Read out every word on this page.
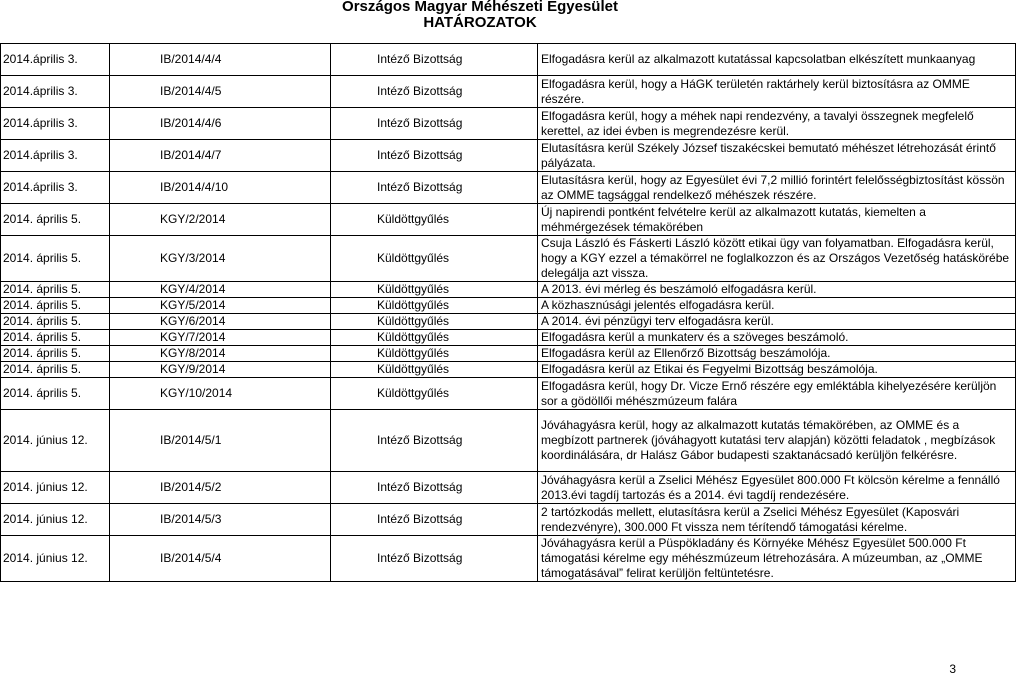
Országos Magyar Méhészeti Egyesület
HATÁROZATOK
2014.április 3.	IB/2014/4/4	Intéző Bizottság	Elfogadásra kerül az alkalmazott kutatással kapcsolatban elkészített munkaanyag
2014.április 3.	IB/2014/4/5	Intéző Bizottság	Elfogadásra kerül, hogy a HáGK területén raktárhely kerül biztosításra az OMME részére.
2014.április 3.	IB/2014/4/6	Intéző Bizottság	Elfogadásra kerül, hogy a méhek napi rendezvény, a tavalyi összegnek megfelelő kerettel, az idei évben is megrendezésre kerül.
2014.április 3.	IB/2014/4/7	Intéző Bizottság	Elutasításra kerül Székely József tiszakécskei bemutató méhészet létrehozását érintő pályázata.
2014.április 3.	IB/2014/4/10	Intéző Bizottság	Elutasításra kerül, hogy az Egyesület évi 7,2 millió forintért felelősségbiztosítást kössön az OMME tagsággal rendelkező méhészek részére.
2014. április 5.	KGY/2/2014	Küldöttgyűlés	Új napirendi pontként felvételre kerül az alkalmazott kutatás, kiemelten a méhmérgezések témakörében
2014. április 5.	KGY/3/2014	Küldöttgyűlés	Csuja László és Fáskerti László között etikai ügy van folyamatban. Elfogadásra kerül, hogy a KGY ezzel a témakörrel ne foglalkozzon és az Országos Vezetőség hatáskörébe delegálja azt vissza.
2014. április 5.	KGY/4/2014	Küldöttgyűlés	A 2013. évi mérleg és beszámoló elfogadásra kerül.
2014. április 5.	KGY/5/2014	Küldöttgyűlés	A közhasznúsági jelentés elfogadásra kerül.
2014. április 5.	KGY/6/2014	Küldöttgyűlés	A 2014. évi pénzügyi terv elfogadásra kerül.
2014. április 5.	KGY/7/2014	Küldöttgyűlés	Elfogadásra kerül a munkaterv és a szöveges beszámoló.
2014. április 5.	KGY/8/2014	Küldöttgyűlés	Elfogadásra kerül az Ellenőrző Bizottság beszámolója.
2014. április 5.	KGY/9/2014	Küldöttgyűlés	Elfogadásra kerül az Etikai és Fegyelmi Bizottság beszámolója.
2014. április 5.	KGY/10/2014	Küldöttgyűlés	Elfogadásra kerül, hogy Dr. Vicze Ernő részére egy emléktábla kihelyezésére kerüljön sor a gödöllői méhészmúzeum falára
2014. június 12.	IB/2014/5/1	Intéző Bizottság	Jóváhagyásra kerül, hogy az alkalmazott kutatás témakörében, az OMME és a megbízott partnerek (jóváhagyott kutatási terv alapján) közötti feladatok , megbízások koordinálására, dr Halász Gábor budapesti szaktanácsadó kerüljön felkérésre.
2014. június 12.	IB/2014/5/2	Intéző Bizottság	Jóváhagyásra kerül a Zselici Méhész Egyesület 800.000 Ft kölcsön kérelme a fennálló 2013.évi tagdíj tartozás és a 2014. évi tagdíj rendezésére.
2014. június 12.	IB/2014/5/3	Intéző Bizottság	2 tartózkodás mellett, elutasításra kerül a Zselici Méhész Egyesület (Kaposvári rendezvényre), 300.000 Ft vissza nem térítendő támogatási kérelme.
2014. június 12.	IB/2014/5/4	Intéző Bizottság	Jóváhagyásra kerül a Püspökladány és Környéke Méhész Egyesület 500.000 Ft támogatási kérelme egy méhészmúzeum létrehozására. A múzeumban, az „OMME támogatásával” felirat kerüljön feltüntetésre.
3
